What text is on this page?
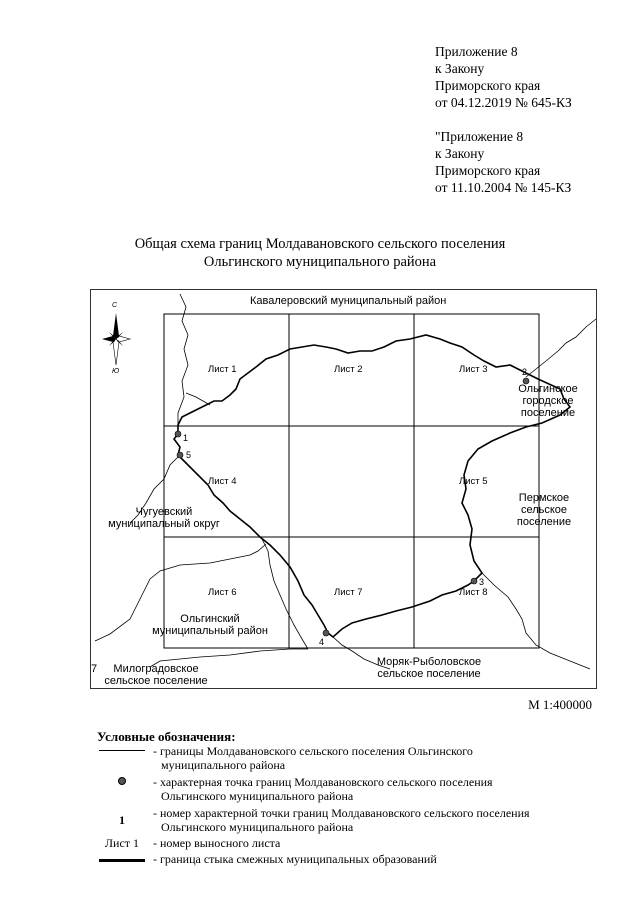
Приложение 8
к Закону
Приморского края
от 04.12.2019 № 645-КЗ
"Приложение 8
к Закону
Приморского края
от 11.10.2004 № 145-КЗ
Общая схема границ Молдавановского сельского поселения
Ольгинского муниципального района
С
Ю
Кавалеровский муниципальный район
Ольгинское
городское
поселение
Чугуевский
муниципальный округ
Пермское
сельское
поселение
Ольгинский
муниципальный район
7	Милоградовское
сельское поселение
Моряк-Рыболовское
сельское поселение
Лист 1	Лист 2	Лист 3
Лист 4	Лист 5
Лист 6	Лист 7	Лист 8
1
2
3
4
5
М 1:400000
Условные обозначения:
- границы Молдавановского сельского поселения Ольгинского
муниципального района
- характерная точка границ Молдавановского сельского поселения
Ольгинского муниципального района
1	- номер характерной точки границ Молдавановского сельского поселения
Ольгинского муниципального района
Лист 1	- номер выносного листа
- граница стыка смежных муниципальных образований
